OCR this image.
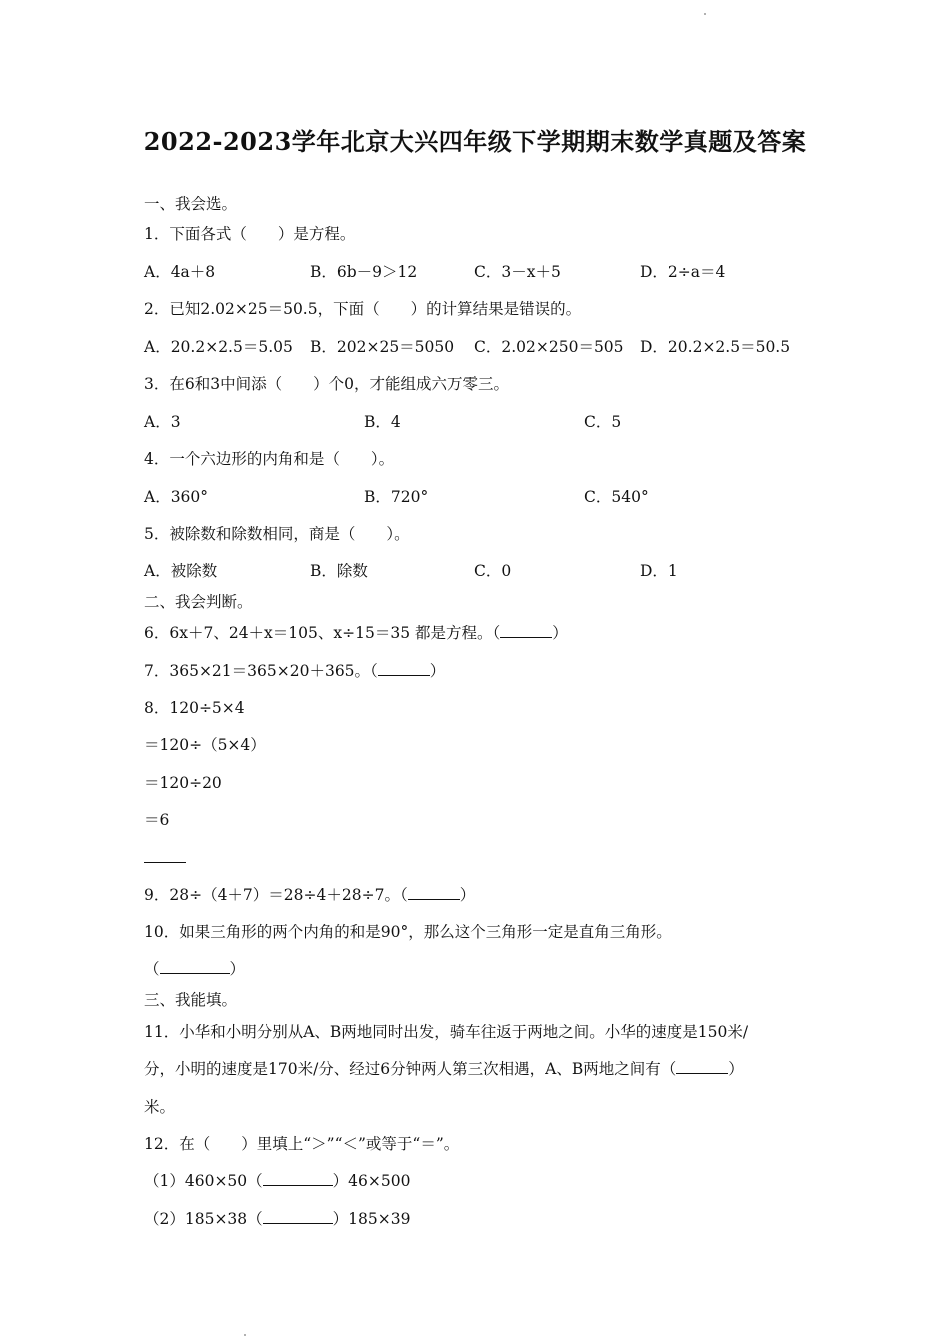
2022-2023学年北京大兴四年级下学期期末数学真题及答案
一、我会选。
1．下面各式（　　）是方程。
A．4a＋8	B．6b－9＞12	C．3－x＋5	D．2÷a＝4
2．已知2.02×25＝50.5，下面（　　）的计算结果是错误的。
A．20.2×2.5＝5.05 B．202×25＝5050 C．2.02×250＝505 D．20.2×2.5＝50.5
3．在6和3中间添（　　）个0，才能组成六万零三。
A．3	B．4	C．5
4．一个六边形的内角和是（　　）。
A．360°	B．720°	C．540°
5．被除数和除数相同，商是（　　）。
A．被除数	B．除数	C．0	D．1
二、我会判断。
6．6x＋7、24＋x＝105、x÷15＝35 都是方程。（	）
7．365×21＝365×20＋365。（	）
8．120÷5×4
＝120÷（5×4）
＝120÷20
＝6
9．28÷（4＋7）＝28÷4＋28÷7。（	）
10．如果三角形的两个内角的和是90°，那么这个三角形一定是直角三角形。
（	）
三、我能填。
11．小华和小明分别从A、B两地同时出发，骑车往返于两地之间。小华的速度是150米/
分，小明的速度是170米/分、经过6分钟两人第三次相遇，A、B两地之间有（	）
米。
12．在（　　）里填上“＞”“＜”或等于“＝”。
（1）460×50（	）46×500
（2）185×38（	）185×39
